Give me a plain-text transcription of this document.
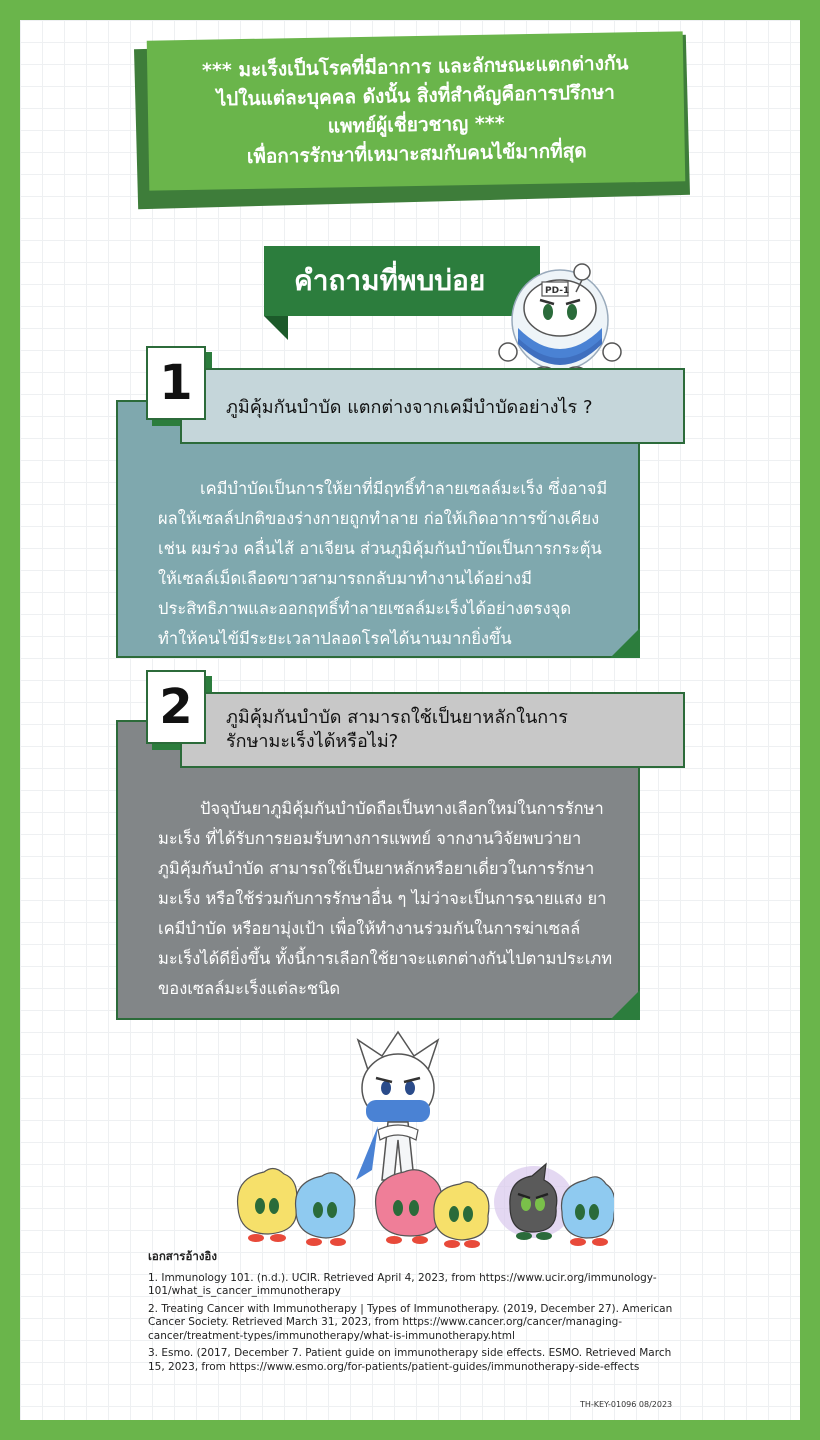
*** มะเร็งเป็นโรคที่มีอาการ และลักษณะแตกต่างกัน
ไปในแต่ละบุคคล ดังนั้น สิ่งที่สำคัญคือการปรึกษา
แพทย์ผู้เชี่ยวชาญ ***
เพื่อการรักษาที่เหมาะสมกับคนไข้มากที่สุด
คำถามที่พบบ่อย	PD-1

เคมีบำบัดเป็นการให้ยาที่มีฤทธิ์ทำลายเซลล์มะเร็ง ซึ่งอาจมีผลให้เซลล์ปกติของร่างกายถูกทำลาย ก่อให้เกิดอาการข้างเคียง เช่น ผมร่วง คลื่นไส้ อาเจียน ส่วนภูมิคุ้มกันบำบัดเป็นการกระตุ้นให้เซลล์เม็ดเลือดขาวสามารถกลับมาทำงานได้อย่างมีประสิทธิภาพและออกฤทธิ์ทำลายเซลล์มะเร็งได้อย่างตรงจุด ทำให้คนไข้มีระยะเวลาปลอดโรคได้นานมากยิ่งขึ้น

ภูมิคุ้มกันบำบัด แตกต่างจากเคมีบำบัดอย่างไร ?
1

ปัจจุบันยาภูมิคุ้มกันบำบัดถือเป็นทางเลือกใหม่ในการรักษามะเร็ง ที่ได้รับการยอมรับทางการแพทย์ จากงานวิจัยพบว่ายาภูมิคุ้มกันบำบัด สามารถใช้เป็นยาหลักหรือยาเดี่ยวในการรักษามะเร็ง หรือใช้ร่วมกับการรักษาอื่น ๆ ไม่ว่าจะเป็นการฉายแสง ยาเคมีบำบัด หรือยามุ่งเป้า เพื่อให้ทำงานร่วมกันในการฆ่าเซลล์มะเร็งได้ดียิ่งขึ้น ทั้งนี้การเลือกใช้ยาจะแตกต่างกันไปตามประเภทของเซลล์มะเร็งแต่ละชนิด

ภูมิคุ้มกันบำบัด สามารถใช้เป็นยาหลักในการ
รักษามะเร็งได้หรือไม่?
2
เอกสารอ้างอิง

1. Immunology 101. (n.d.). UCIR. Retrieved April 4, 2023, from https://www.ucir.org/immunology-101/what_is_cancer_immunotherapy

2. Treating Cancer with Immunotherapy | Types of Immunotherapy. (2019, December 27). American Cancer Society. Retrieved March 31, 2023, from https://www.cancer.org/cancer/managing-cancer/treatment-types/immunotherapy/what-is-immunotherapy.html

3. Esmo. (2017, December 7. Patient guide on immunotherapy side effects. ESMO. Retrieved March 15, 2023, from https://www.esmo.org/for-patients/patient-guides/immunotherapy-side-effects

TH-KEY-01096 08/2023
